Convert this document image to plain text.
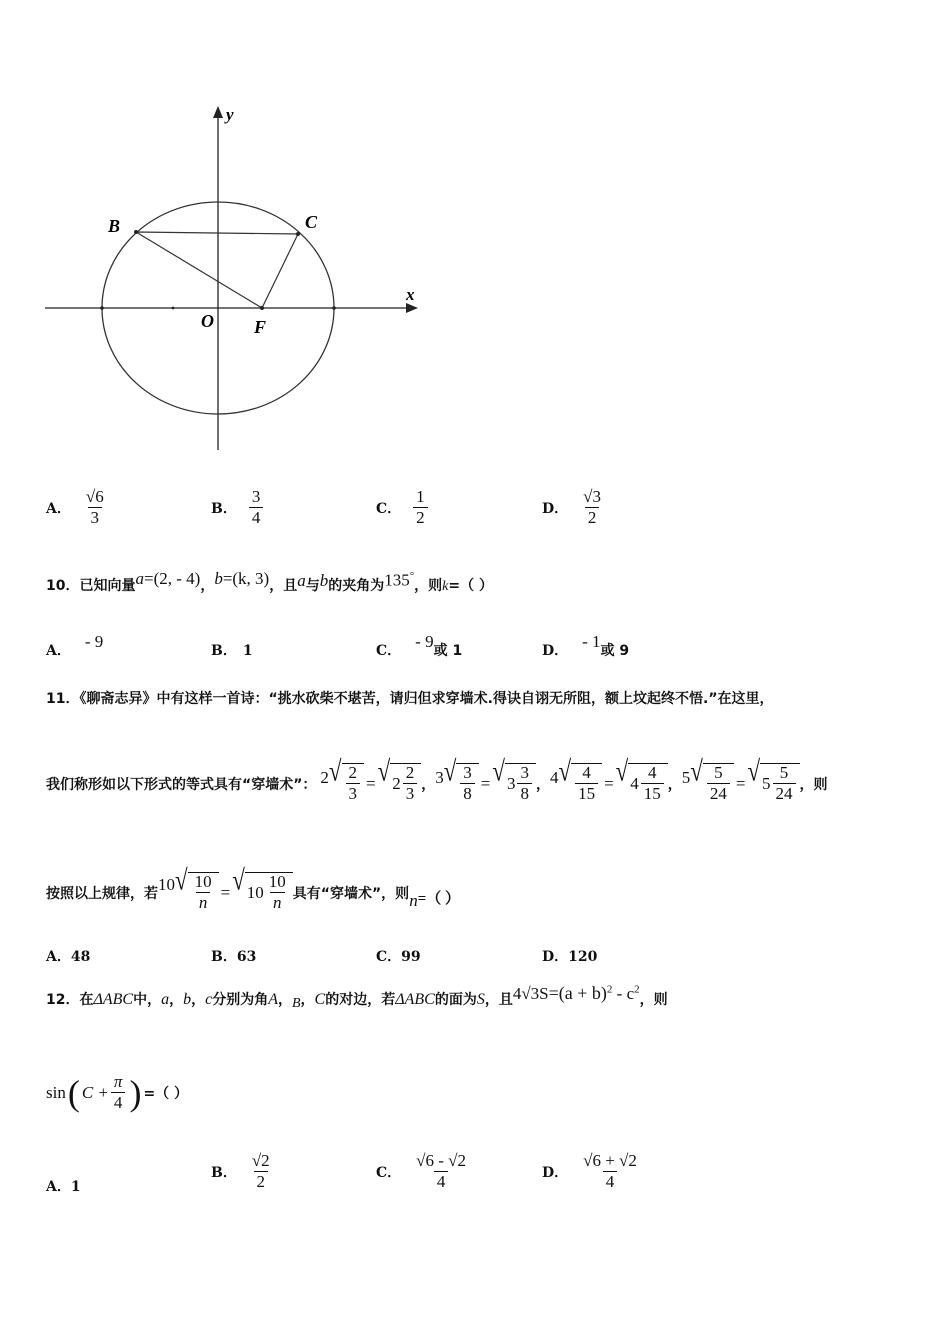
y
x
B	C
O F
A． $\frac{√6}{3}$	B． $\frac{3}{4}$	C． $\frac{1}{2}$	D． $\frac{√3}{2}$
10． 已知向量 a=(2, - 4) ， b=(k, 3) ，且 a 与 b 的夹角为 135°
，则 k =（ ）
A． - 9	B． 1	C． - 9 或 1	D． - 1 或 9
11．《聊斋志异》中有这样一首诗：“挑水砍柴不堪苦，请归但求穿墙术.得诀自诩无所阻，额上坟起终不悟.”在这里，
我们称形如以下形式的等式具有“穿墙术”： 2 √ $\frac{2}{3}$ = √ $2 \frac{2}{3}$ ， 3 √ $\frac{3}{8}$ = √ $3 \frac{3}{8}$ ， 4 √ $\frac{4}{15}$ = √ $4 \frac{4}{15}$ ， 5 √ $\frac{5}{24}$ = √ $5 \frac{5}{24}$ ，则
按照以上规律，若
10 √ $\frac{10}{n}$ = √ $10 \frac{10}{n}$ 具有“穿墙术”，则 n =（ ）
A．48	B．63	C．99	D．120
12． 在 ΔABC 中， a ， b ， c 分别为角 A ， B ， C 的对边，若 ΔABC 的面为 S ，且 $4√3S=(a + b)^2 - c^2$
，则
sin ( $C + \frac{\pi}{4}$ ) =（ ）
A．1
B． $\frac{√2}{2}$	C． $\frac{√6 - √2}{4}$	D． $\frac{√6 + √2}{4}$
